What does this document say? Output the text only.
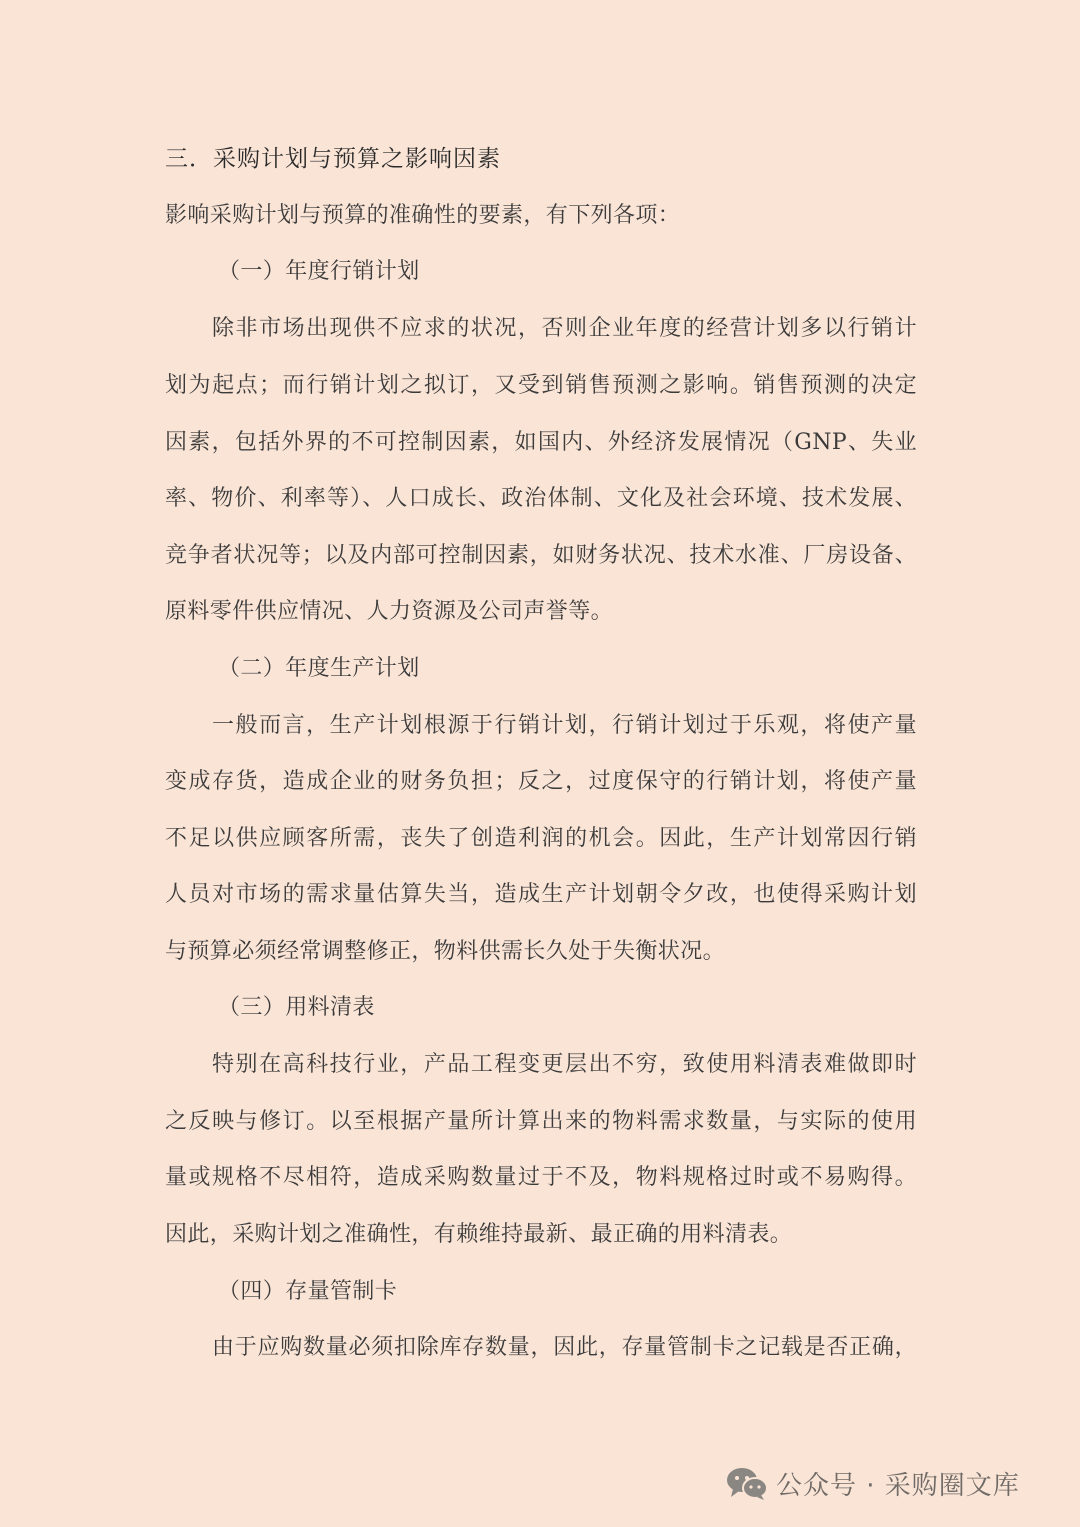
三．采购计划与预算之影响因素
影响采购计划与预算的准确性的要素，有下列各项：
（一）年度行销计划
除非市场出现供不应求的状况，否则企业年度的经营计划多以行销计
划为起点；而行销计划之拟订，又受到销售预测之影响。销售预测的决定
因素，包括外界的不可控制因素，如国内、外经济发展情况（GNP、失业
率、物价、利率等）、人口成长、政治体制、文化及社会环境、技术发展、
竞争者状况等；以及内部可控制因素，如财务状况、技术水准、厂房设备、
原料零件供应情况、人力资源及公司声誉等。
（二）年度生产计划
一般而言，生产计划根源于行销计划，行销计划过于乐观，将使产量
变成存货，造成企业的财务负担；反之，过度保守的行销计划，将使产量
不足以供应顾客所需，丧失了创造利润的机会。因此，生产计划常因行销
人员对市场的需求量估算失当，造成生产计划朝令夕改，也使得采购计划
与预算必须经常调整修正，物料供需长久处于失衡状况。
（三）用料清表
特别在高科技行业，产品工程变更层出不穷，致使用料清表难做即时
之反映与修订。以至根据产量所计算出来的物料需求数量，与实际的使用
量或规格不尽相符，造成采购数量过于不及，物料规格过时或不易购得。
因此，采购计划之准确性，有赖维持最新、最正确的用料清表。
（四）存量管制卡
由于应购数量必须扣除库存数量，因此，存量管制卡之记载是否正确，
公众号 · 采购圈文库
